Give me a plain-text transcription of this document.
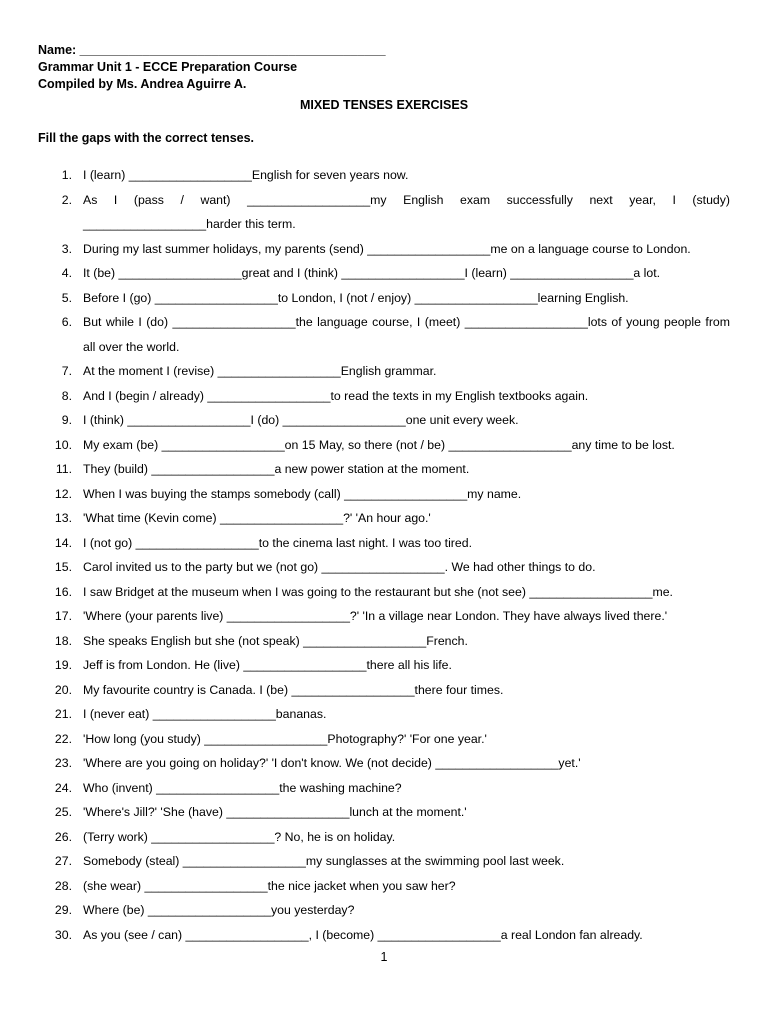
Name: ____________________________________________
Grammar Unit 1 - ECCE Preparation Course
Compiled by Ms. Andrea Aguirre A.
MIXED TENSES EXERCISES
Fill the gaps with the correct tenses.
1. I (learn) __________________English for seven years now.
2. As I (pass / want) __________________my English exam successfully next year, I (study) __________________harder this term.
3. During my last summer holidays, my parents (send) __________________me on a language course to London.
4. It (be) __________________great and I (think) __________________I (learn) __________________a lot.
5. Before I (go) __________________to London, I (not / enjoy) __________________learning English.
6. But while I (do) __________________the language course, I (meet) __________________lots of young people from all over the world.
7. At the moment I (revise) __________________English grammar.
8. And I (begin / already) __________________to read the texts in my English textbooks again.
9. I (think) __________________I (do) __________________one unit every week.
10. My exam (be) __________________on 15 May, so there (not / be) __________________any time to be lost.
11. They (build) __________________a new power station at the moment.
12. When I was buying the stamps somebody (call) __________________my name.
13. 'What time (Kevin come) __________________?' 'An hour ago.'
14. I (not go) __________________to the cinema last night. I was too tired.
15. Carol invited us to the party but we (not go) __________________. We had other things to do.
16. I saw Bridget at the museum when I was going to the restaurant but she (not see) __________________me.
17. 'Where (your parents live) __________________?' 'In a village near London. They have always lived there.'
18. She speaks English but she (not speak) __________________French.
19. Jeff is from London. He (live) __________________there all his life.
20. My favourite country is Canada. I (be) __________________there four times.
21. I (never eat) __________________bananas.
22. 'How long (you study) __________________Photography?' 'For one year.'
23. 'Where are you going on holiday?' 'I don't know. We (not decide) __________________yet.'
24. Who (invent) __________________the washing machine?
25. 'Where's Jill?' 'She (have) __________________lunch at the moment.'
26. (Terry work) __________________? No, he is on holiday.
27. Somebody (steal) __________________my sunglasses at the swimming pool last week.
28. (she wear) __________________the nice jacket when you saw her?
29. Where (be) __________________you yesterday?
30. As you (see / can) __________________, I (become) __________________a real London fan already.
1
